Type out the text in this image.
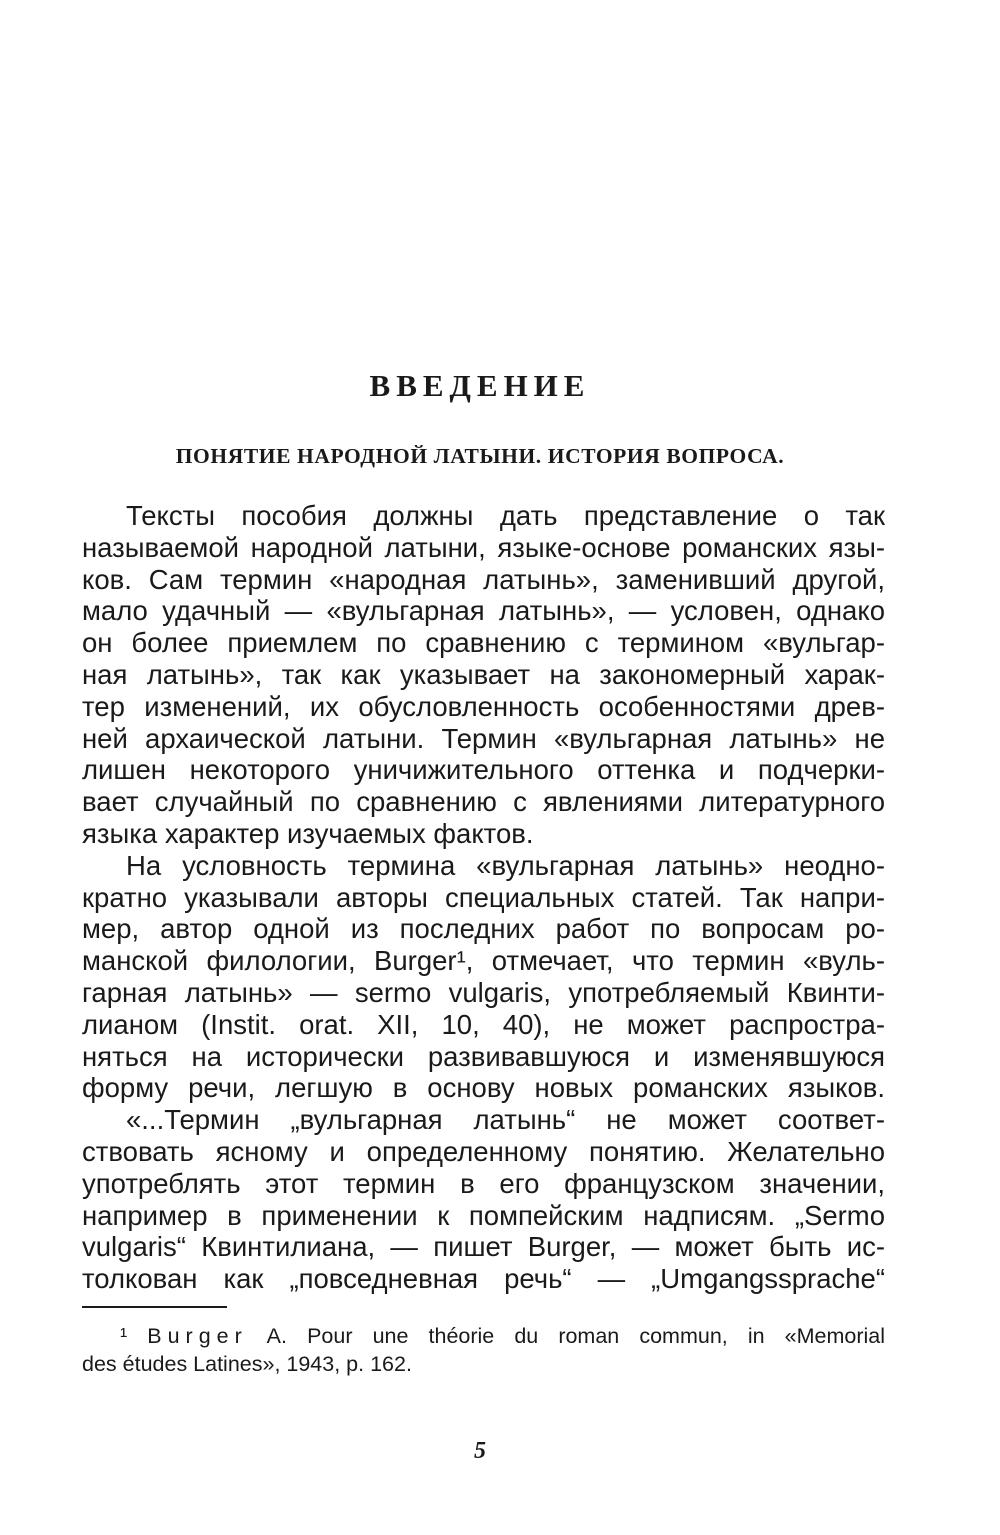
ВВЕДЕНИЕ
ПОНЯТИЕ НАРОДНОЙ ЛАТЫНИ. ИСТОРИЯ ВОПРОСА.
Тексты пособия должны дать представление о так
называемой народной латыни, языке-основе романских язы-
ков. Сам термин «народная латынь», заменивший другой,
мало удачный — «вульгарная латынь», — условен, однако
он более приемлем по сравнению с термином «вульгар-
ная латынь», так как указывает на закономерный харак-
тер изменений, их обусловленность особенностями древ-
ней архаической латыни. Термин «вульгарная латынь» не
лишен некоторого уничижительного оттенка и подчерки-
вает случайный по сравнению с явлениями литературного
языка характер изучаемых фактов.
На условность термина «вульгарная латынь» неодно-
кратно указывали авторы специальных статей. Так напри-
мер, автор одной из последних работ по вопросам ро-
манской филологии, Burger¹, отмечает, что термин «вуль-
гарная латынь» — sermo vulgaris, употребляемый Квинти-
лианом (Instit. orat. XII, 10, 40), не может распростра-
няться на исторически развивавшуюся и изменявшуюся
форму речи, легшую в основу новых романских языков.
«...Термин „вульгарная латынь“ не может соответ-
ствовать ясному и определенному понятию. Желательно
употреблять этот термин в его французском значении,
например в применении к помпейским надписям. „Sermo
vulgaris“ Квинтилиана, — пишет Burger, — может быть ис-
толкован как „повседневная речь“ — „Umgangssprache“
¹ Burger A. Pour une théorie du roman commun, in «Memorial
des études Latines», 1943, p. 162.
5
